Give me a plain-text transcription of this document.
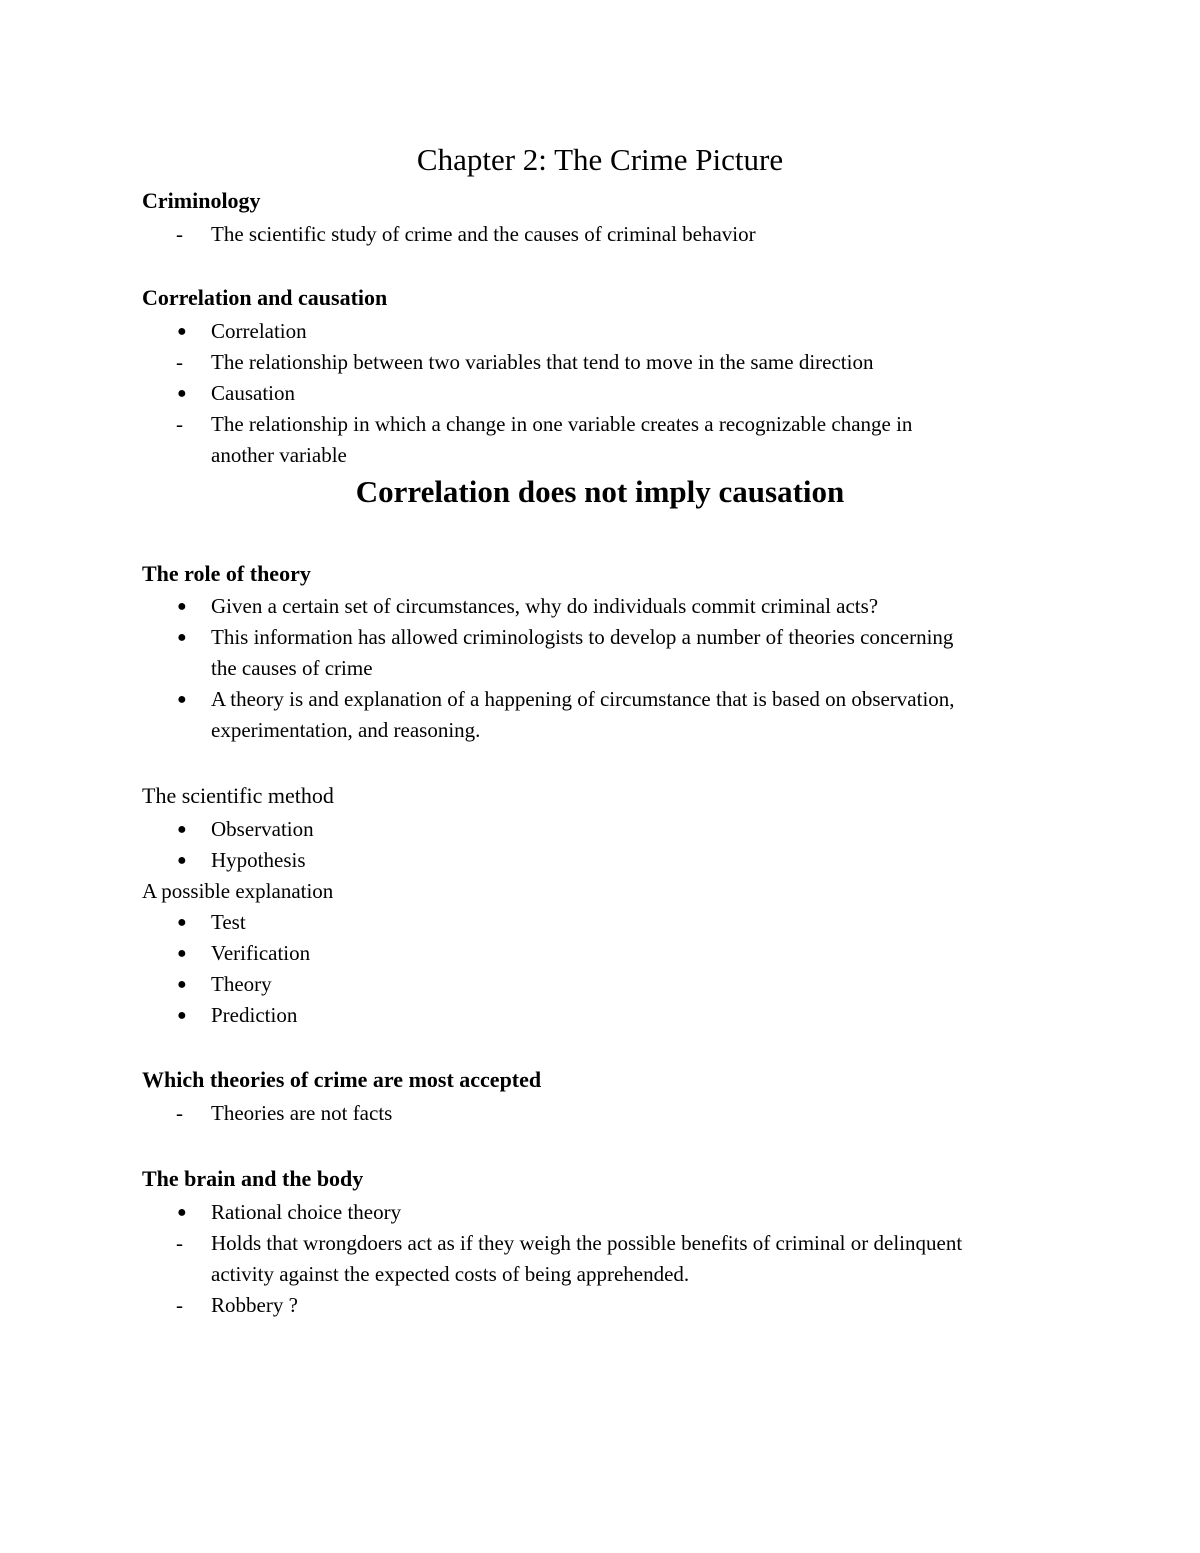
Chapter 2: The Crime Picture
Criminology
-	The scientific study of crime and the causes of criminal behavior
Correlation and causation
●	Correlation
-	The relationship between two variables that tend to move in the same direction
●	Causation
-	The relationship in which a change in one variable creates a recognizable change in
another variable
Correlation does not imply causation
The role of theory
●	Given a certain set of circumstances, why do individuals commit criminal acts?
●	This information has allowed criminologists to develop a number of theories concerning
the causes of crime
●	A theory is and explanation of a happening of circumstance that is based on observation,
experimentation, and reasoning.
The scientific method
●	Observation
●	Hypothesis
A possible explanation
●	Test
●	Verification
●	Theory
●	Prediction
Which theories of crime are most accepted
-	Theories are not facts
The brain and the body
●	Rational choice theory
-	Holds that wrongdoers act as if they weigh the possible benefits of criminal or delinquent
activity against the expected costs of being apprehended.
-	Robbery ?
